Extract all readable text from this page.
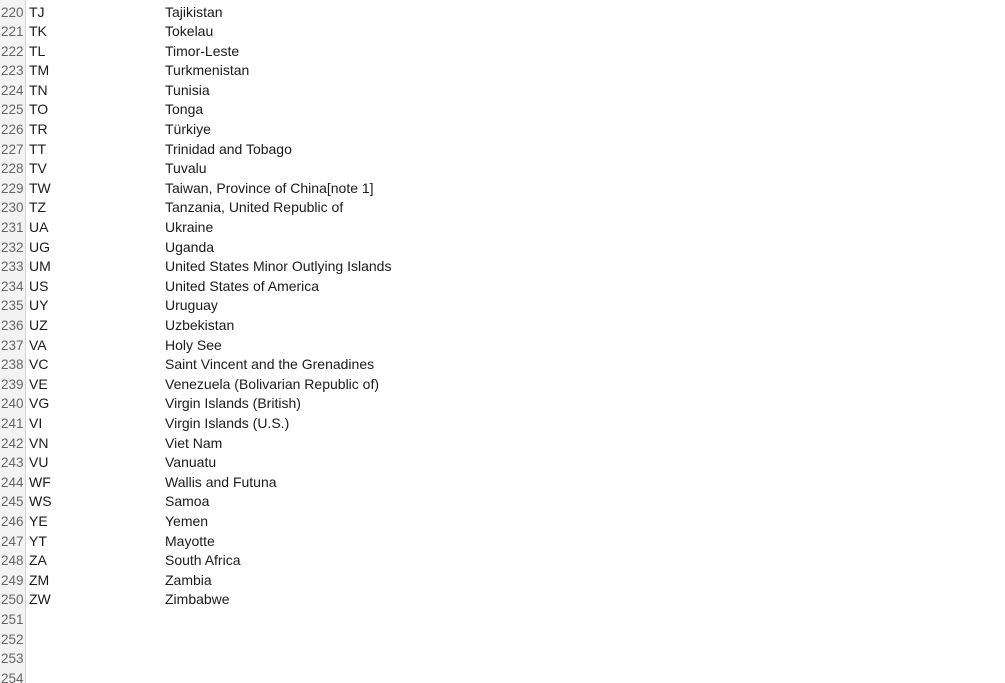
220 TJ	Tajikistan
221 TK	Tokelau
222 TL	Timor-Leste
223 TM	Turkmenistan
224 TN	Tunisia
225 TO	Tonga
226 TR	Türkiye
227 TT	Trinidad and Tobago
228 TV	Tuvalu
229 TW	Taiwan, Province of China[note 1]
230 TZ	Tanzania, United Republic of
231 UA	Ukraine
232 UG	Uganda
233 UM	United States Minor Outlying Islands
234 US	United States of America
235 UY	Uruguay
236 UZ	Uzbekistan
237 VA	Holy See
238 VC	Saint Vincent and the Grenadines
239 VE	Venezuela (Bolivarian Republic of)
240 VG	Virgin Islands (British)
241 VI	Virgin Islands (U.S.)
242 VN	Viet Nam
243 VU	Vanuatu
244 WF	Wallis and Futuna
245 WS	Samoa
246 YE	Yemen
247 YT	Mayotte
248 ZA	South Africa
249 ZM	Zambia
250 ZW	Zimbabwe
251
252
253
254
